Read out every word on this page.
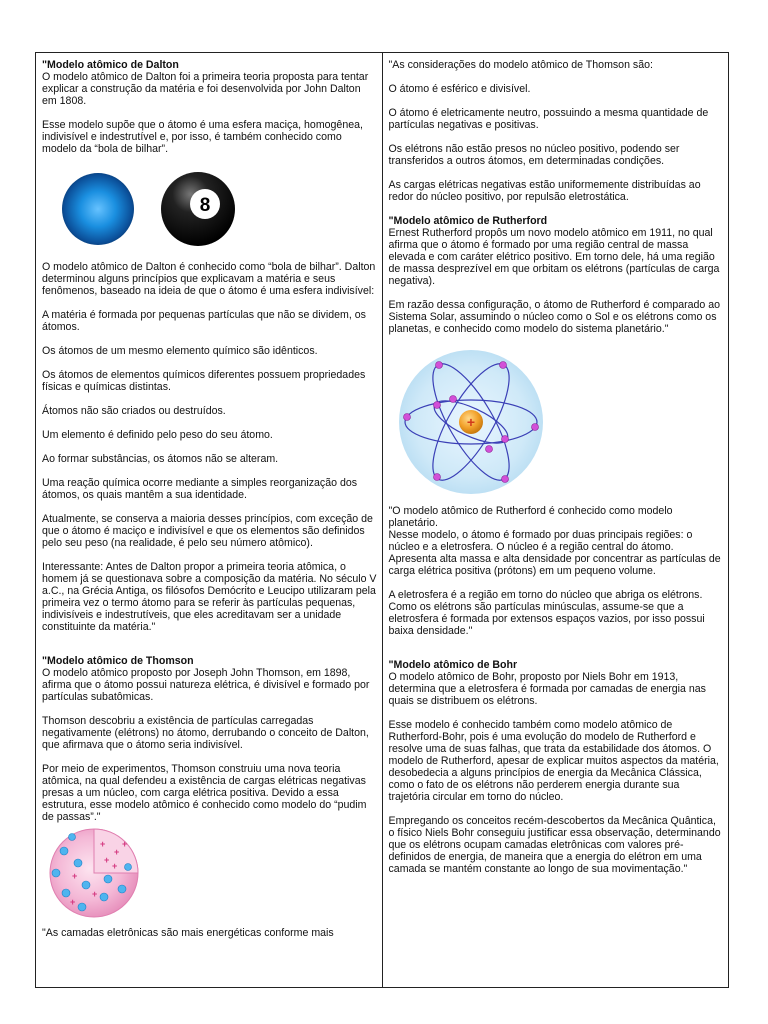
"Modelo atômico de Dalton

O modelo atômico de Dalton foi a primeira teoria proposta para tentar explicar a construção da matéria e foi desenvolvida por John Dalton em 1808.

Esse modelo supõe que o átomo é uma esfera maciça, homogênea, indivisível e indestrutível e, por isso, é também conhecido como modelo da “bola de bilhar”.

8

O modelo atômico de Dalton é conhecido como “bola de bilhar”. Dalton determinou alguns princípios que explicavam a matéria e seus fenômenos, baseado na ideia de que o átomo é uma esfera indivisível:

A matéria é formada por pequenas partículas que não se dividem, os átomos.

Os átomos de um mesmo elemento químico são idênticos.

Os átomos de elementos químicos diferentes possuem propriedades físicas e químicas distintas.

Átomos não são criados ou destruídos.

Um elemento é definido pelo peso do seu átomo.

Ao formar substâncias, os átomos não se alteram.

Uma reação química ocorre mediante a simples reorganização dos átomos, os quais mantêm a sua identidade.

Atualmente, se conserva a maioria desses princípios, com exceção de que o átomo é maciço e indivisível e que os elementos são definidos pelo seu peso (na realidade, é pelo seu número atômico).

Interessante: Antes de Dalton propor a primeira teoria atômica, o homem já se questionava sobre a composição da matéria. No século V a.C., na Grécia Antiga, os filósofos Demócrito e Leucipo utilizaram pela primeira vez o termo átomo para se referir às partículas pequenas, indivisíveis e indestrutíveis, que eles acreditavam ser a unidade constituinte da matéria."

"Modelo atômico de Thomson

O modelo atômico proposto por Joseph John Thomson, em 1898, afirma que o átomo possui natureza elétrica, é divisível e formado por partículas subatômicas.

Thomson descobriu a existência de partículas carregadas negativamente (elétrons) no átomo, derrubando o conceito de Dalton, que afirmava que o átomo seria indivisível.

Por meio de experimentos, Thomson construiu uma nova teoria atômica, na qual defendeu a existência de cargas elétricas negativas presas a um núcleo, com carga elétrica positiva. Devido a essa estrutura, esse modelo atômico é conhecido como modelo do “pudim de passas”."

+
+
+
+
+
+
+
+

"As camadas eletrônicas são mais energéticas conforme mais

"As considerações do modelo atômico de Thomson são:

O átomo é esférico e divisível.

O átomo é eletricamente neutro, possuindo a mesma quantidade de partículas negativas e positivas.

Os elétrons não estão presos no núcleo positivo, podendo ser transferidos a outros átomos, em determinadas condições.

As cargas elétricas negativas estão uniformemente distribuídas ao redor do núcleo positivo, por repulsão eletrostática.

"Modelo atômico de Rutherford

Ernest Rutherford propôs um novo modelo atômico em 1911, no qual afirma que o átomo é formado por uma região central de massa elevada e com caráter elétrico positivo. Em torno dele, há uma região de massa desprezível em que orbitam os elétrons (partículas de carga negativa).

Em razão dessa configuração, o átomo de Rutherford é comparado ao Sistema Solar, assumindo o núcleo como o Sol e os elétrons como os planetas, e conhecido como modelo do sistema planetário."

+

"O modelo atômico de Rutherford é conhecido como modelo planetário.

Nesse modelo, o átomo é formado por duas principais regiões: o núcleo e a eletrosfera. O núcleo é a região central do átomo. Apresenta alta massa e alta densidade por concentrar as partículas de carga elétrica positiva (prótons) em um pequeno volume.

A eletrosfera é a região em torno do núcleo que abriga os elétrons. Como os elétrons são partículas minúsculas, assume-se que a eletrosfera é formada por extensos espaços vazios, por isso possui baixa densidade."

"Modelo atômico de Bohr

O modelo atômico de Bohr, proposto por Niels Bohr em 1913, determina que a eletrosfera é formada por camadas de energia nas quais se distribuem os elétrons.

Esse modelo é conhecido também como modelo atômico de Rutherford-Bohr, pois é uma evolução do modelo de Rutherford e resolve uma de suas falhas, que trata da estabilidade dos átomos. O modelo de Rutherford, apesar de explicar muitos aspectos da matéria, desobedecia a alguns princípios de energia da Mecânica Clássica, como o fato de os elétrons não perderem energia durante sua trajetória circular em torno do núcleo.

Empregando os conceitos recém-descobertos da Mecânica Quântica, o físico Niels Bohr conseguiu justificar essa observação, determinando que os elétrons ocupam camadas eletrônicas com valores pré-definidos de energia, de maneira que a energia do elétron em uma camada se mantém constante ao longo de sua movimentação."
